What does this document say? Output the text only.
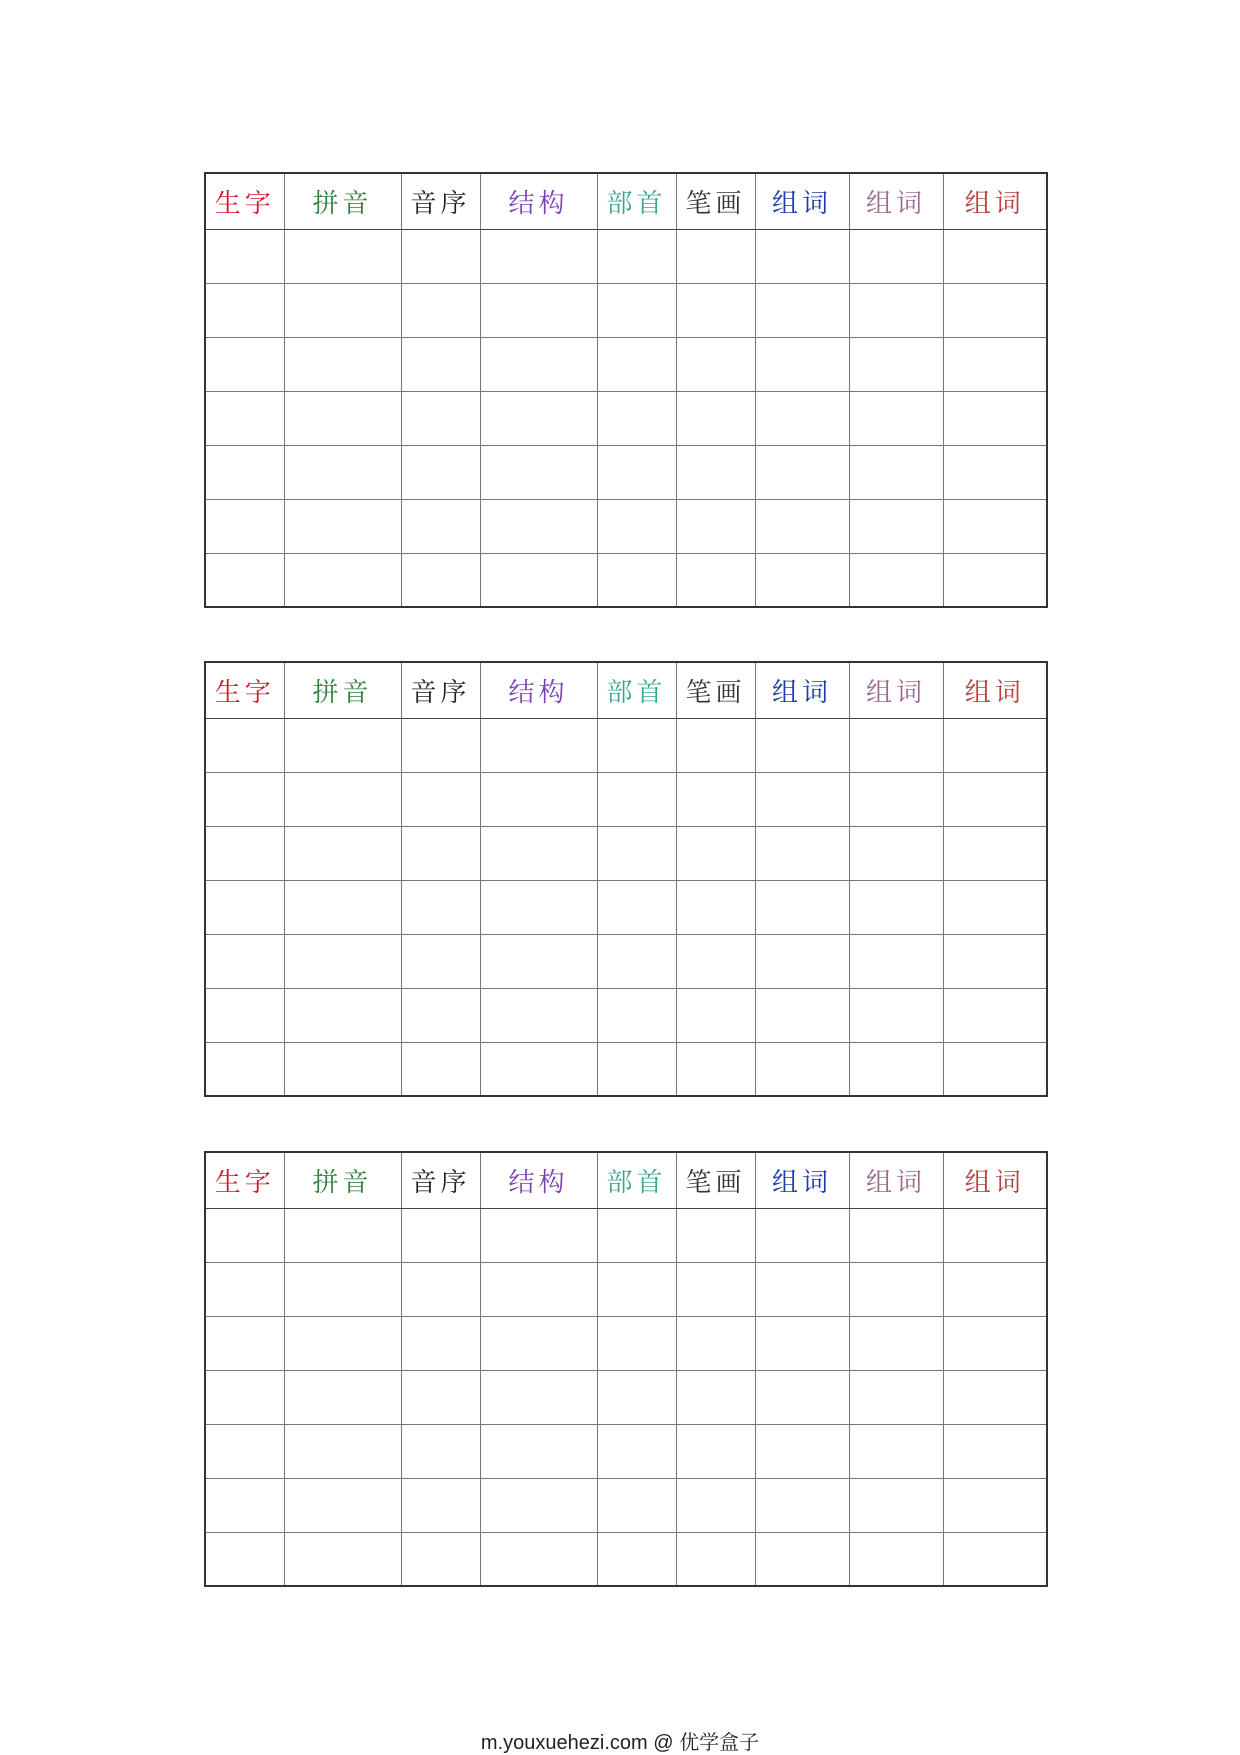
生字	拼音	音序	结构	部首	笔画	组词	组词	组词

生字	拼音	音序	结构	部首	笔画	组词	组词	组词

生字	拼音	音序	结构	部首	笔画	组词	组词	组词

m.youxuehezi.com @ 优学盒子
